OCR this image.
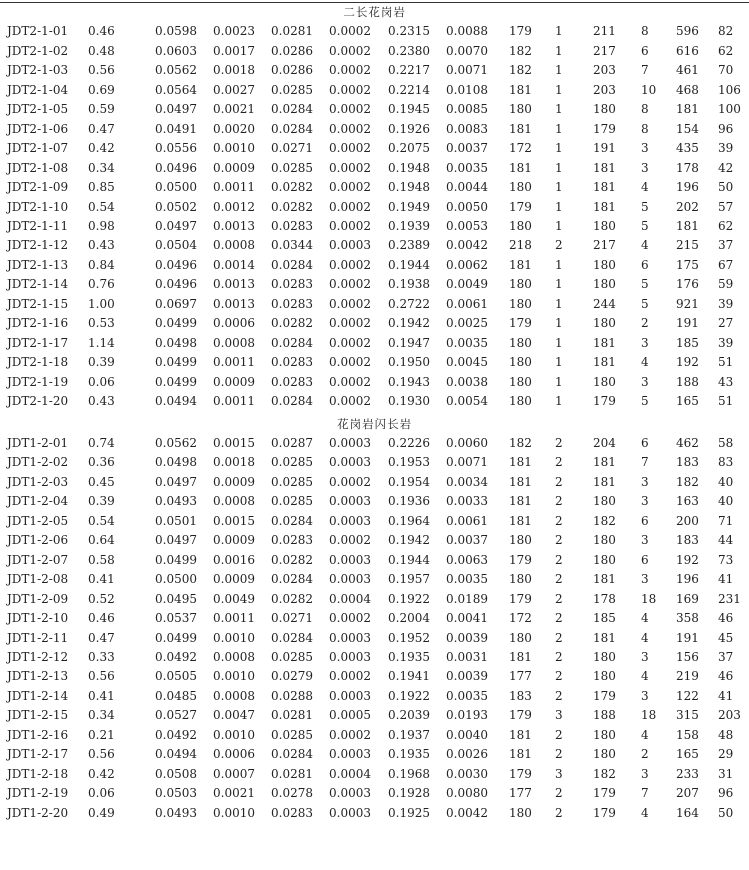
二长花岗岩													
JDT2-1-01	0.46	0.0598	0.0023	0.0281	0.0002	0.2315	0.0088	179	1	211	8	596	82
JDT2-1-02	0.48	0.0603	0.0017	0.0286	0.0002	0.2380	0.0070	182	1	217	6	616	62
JDT2-1-03	0.56	0.0562	0.0018	0.0286	0.0002	0.2217	0.0071	182	1	203	7	461	70
JDT2-1-04	0.69	0.0564	0.0027	0.0285	0.0002	0.2214	0.0108	181	1	203	10	468	106
JDT2-1-05	0.59	0.0497	0.0021	0.0284	0.0002	0.1945	0.0085	180	1	180	8	181	100
JDT2-1-06	0.47	0.0491	0.0020	0.0284	0.0002	0.1926	0.0083	181	1	179	8	154	96
JDT2-1-07	0.42	0.0556	0.0010	0.0271	0.0002	0.2075	0.0037	172	1	191	3	435	39
JDT2-1-08	0.34	0.0496	0.0009	0.0285	0.0002	0.1948	0.0035	181	1	181	3	178	42
JDT2-1-09	0.85	0.0500	0.0011	0.0282	0.0002	0.1948	0.0044	180	1	181	4	196	50
JDT2-1-10	0.54	0.0502	0.0012	0.0282	0.0002	0.1949	0.0050	179	1	181	5	202	57
JDT2-1-11	0.98	0.0497	0.0013	0.0283	0.0002	0.1939	0.0053	180	1	180	5	181	62
JDT2-1-12	0.43	0.0504	0.0008	0.0344	0.0003	0.2389	0.0042	218	2	217	4	215	37
JDT2-1-13	0.84	0.0496	0.0014	0.0284	0.0002	0.1944	0.0062	181	1	180	6	175	67
JDT2-1-14	0.76	0.0496	0.0013	0.0283	0.0002	0.1938	0.0049	180	1	180	5	176	59
JDT2-1-15	1.00	0.0697	0.0013	0.0283	0.0002	0.2722	0.0061	180	1	244	5	921	39
JDT2-1-16	0.53	0.0499	0.0006	0.0282	0.0002	0.1942	0.0025	179	1	180	2	191	27
JDT2-1-17	1.14	0.0498	0.0008	0.0284	0.0002	0.1947	0.0035	180	1	181	3	185	39
JDT2-1-18	0.39	0.0499	0.0011	0.0283	0.0002	0.1950	0.0045	180	1	181	4	192	51
JDT2-1-19	0.06	0.0499	0.0009	0.0283	0.0002	0.1943	0.0038	180	1	180	3	188	43
JDT2-1-20	0.43	0.0494	0.0011	0.0284	0.0002	0.1930	0.0054	180	1	179	5	165	51

花岗岩闪长岩													
JDT1-2-01	0.74	0.0562	0.0015	0.0287	0.0003	0.2226	0.0060	182	2	204	6	462	58
JDT1-2-02	0.36	0.0498	0.0018	0.0285	0.0003	0.1953	0.0071	181	2	181	7	183	83
JDT1-2-03	0.45	0.0497	0.0009	0.0285	0.0002	0.1954	0.0034	181	2	181	3	182	40
JDT1-2-04	0.39	0.0493	0.0008	0.0285	0.0003	0.1936	0.0033	181	2	180	3	163	40
JDT1-2-05	0.54	0.0501	0.0015	0.0284	0.0003	0.1964	0.0061	181	2	182	6	200	71
JDT1-2-06	0.64	0.0497	0.0009	0.0283	0.0002	0.1942	0.0037	180	2	180	3	183	44
JDT1-2-07	0.58	0.0499	0.0016	0.0282	0.0003	0.1944	0.0063	179	2	180	6	192	73
JDT1-2-08	0.41	0.0500	0.0009	0.0284	0.0003	0.1957	0.0035	180	2	181	3	196	41
JDT1-2-09	0.52	0.0495	0.0049	0.0282	0.0004	0.1922	0.0189	179	2	178	18	169	231
JDT1-2-10	0.46	0.0537	0.0011	0.0271	0.0002	0.2004	0.0041	172	2	185	4	358	46
JDT1-2-11	0.47	0.0499	0.0010	0.0284	0.0003	0.1952	0.0039	180	2	181	4	191	45
JDT1-2-12	0.33	0.0492	0.0008	0.0285	0.0003	0.1935	0.0031	181	2	180	3	156	37
JDT1-2-13	0.56	0.0505	0.0010	0.0279	0.0002	0.1941	0.0039	177	2	180	4	219	46
JDT1-2-14	0.41	0.0485	0.0008	0.0288	0.0003	0.1922	0.0035	183	2	179	3	122	41
JDT1-2-15	0.34	0.0527	0.0047	0.0281	0.0005	0.2039	0.0193	179	3	188	18	315	203
JDT1-2-16	0.21	0.0492	0.0010	0.0285	0.0002	0.1937	0.0040	181	2	180	4	158	48
JDT1-2-17	0.56	0.0494	0.0006	0.0284	0.0003	0.1935	0.0026	181	2	180	2	165	29
JDT1-2-18	0.42	0.0508	0.0007	0.0281	0.0004	0.1968	0.0030	179	3	182	3	233	31
JDT1-2-19	0.06	0.0503	0.0021	0.0278	0.0003	0.1928	0.0080	177	2	179	7	207	96
JDT1-2-20	0.49	0.0493	0.0010	0.0283	0.0003	0.1925	0.0042	180	2	179	4	164	50
